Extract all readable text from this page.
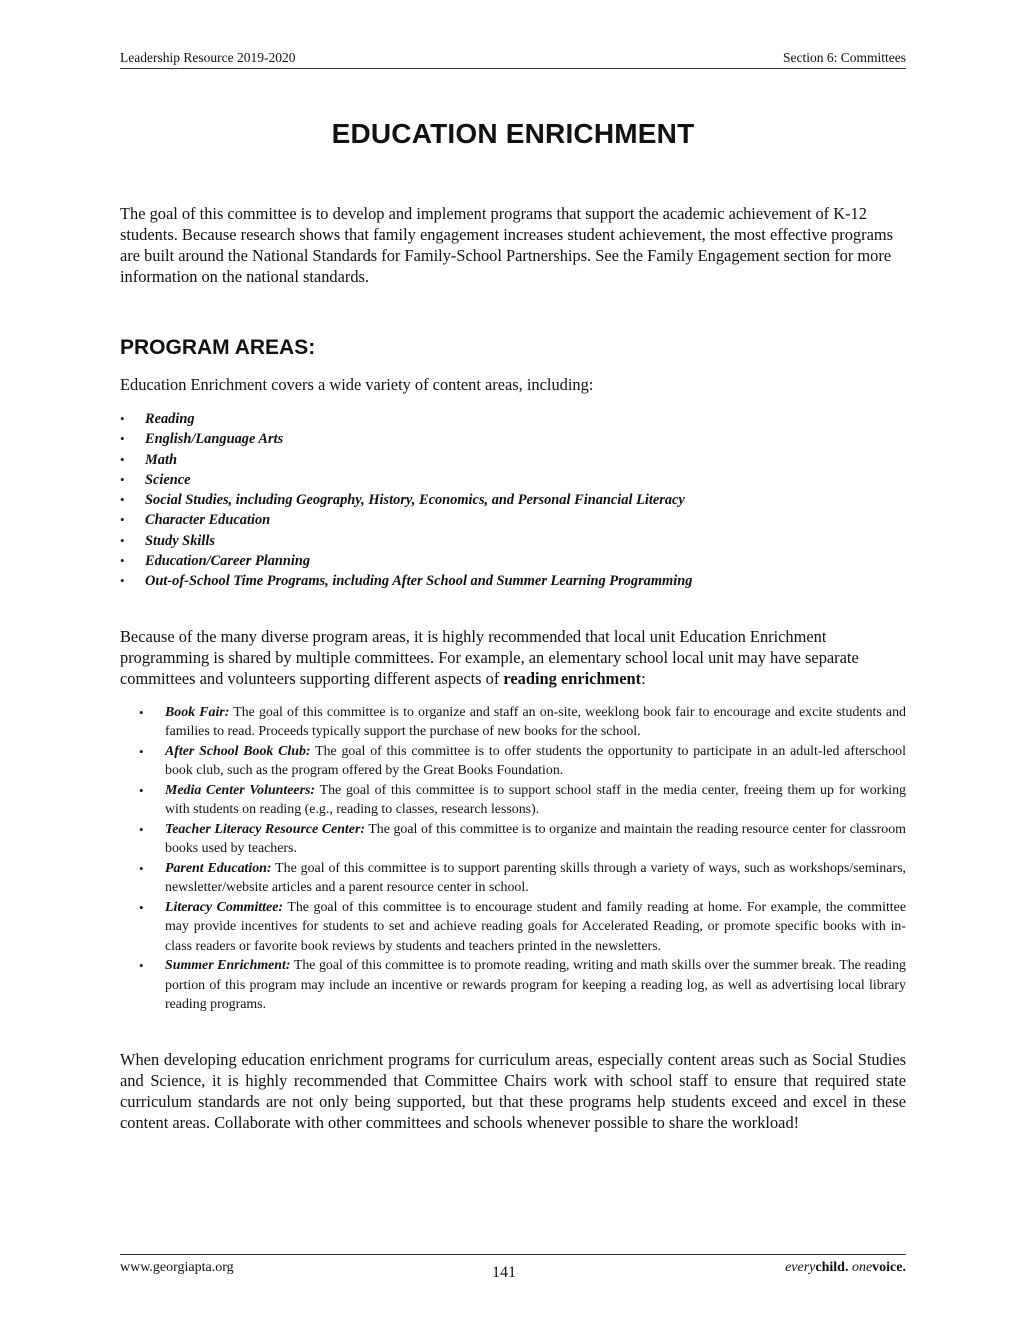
Leadership Resource 2019-2020	Section 6: Committees
EDUCATION ENRICHMENT

The goal of this committee is to develop and implement programs that support the academic achievement of K-12 students. Because research shows that family engagement increases student achievement, the most effective programs are built around the National Standards for Family-School Partnerships. See the Family Engagement section for more information on the national standards.

PROGRAM AREAS:

Education Enrichment covers a wide variety of content areas, including:

• Reading
• English/Language Arts
• Math
• Science
• Social Studies, including Geography, History, Economics, and Personal Financial Literacy
• Character Education
• Study Skills
• Education/Career Planning
• Out-of-School Time Programs, including After School and Summer Learning Programming

Because of the many diverse program areas, it is highly recommended that local unit Education Enrichment programming is shared by multiple committees. For example, an elementary school local unit may have separate committees and volunteers supporting different aspects of reading enrichment:

• Book Fair: The goal of this committee is to organize and staff an on-site, weeklong book fair to encourage and excite students and families to read. Proceeds typically support the purchase of new books for the school.
• After School Book Club: The goal of this committee is to offer students the opportunity to participate in an adult-led afterschool book club, such as the program offered by the Great Books Foundation.
• Media Center Volunteers: The goal of this committee is to support school staff in the media center, freeing them up for working with students on reading (e.g., reading to classes, research lessons).
• Teacher Literacy Resource Center: The goal of this committee is to organize and maintain the reading resource center for classroom books used by teachers.
• Parent Education: The goal of this committee is to support parenting skills through a variety of ways, such as workshops/seminars, newsletter/website articles and a parent resource center in school.
• Literacy Committee: The goal of this committee is to encourage student and family reading at home. For example, the committee may provide incentives for students to set and achieve reading goals for Accelerated Reading, or promote specific books with in-class readers or favorite book reviews by students and teachers printed in the newsletters.
• Summer Enrichment: The goal of this committee is to promote reading, writing and math skills over the summer break. The reading portion of this program may include an incentive or rewards program for keeping a reading log, as well as advertising local library reading programs.

When developing education enrichment programs for curriculum areas, especially content areas such as Social Studies and Science, it is highly recommended that Committee Chairs work with school staff to ensure that required state curriculum standards are not only being supported, but that these programs help students exceed and excel in these content areas. Collaborate with other committees and schools whenever possible to share the workload!

www.georgiapta.org	141	everychild. onevoice.
